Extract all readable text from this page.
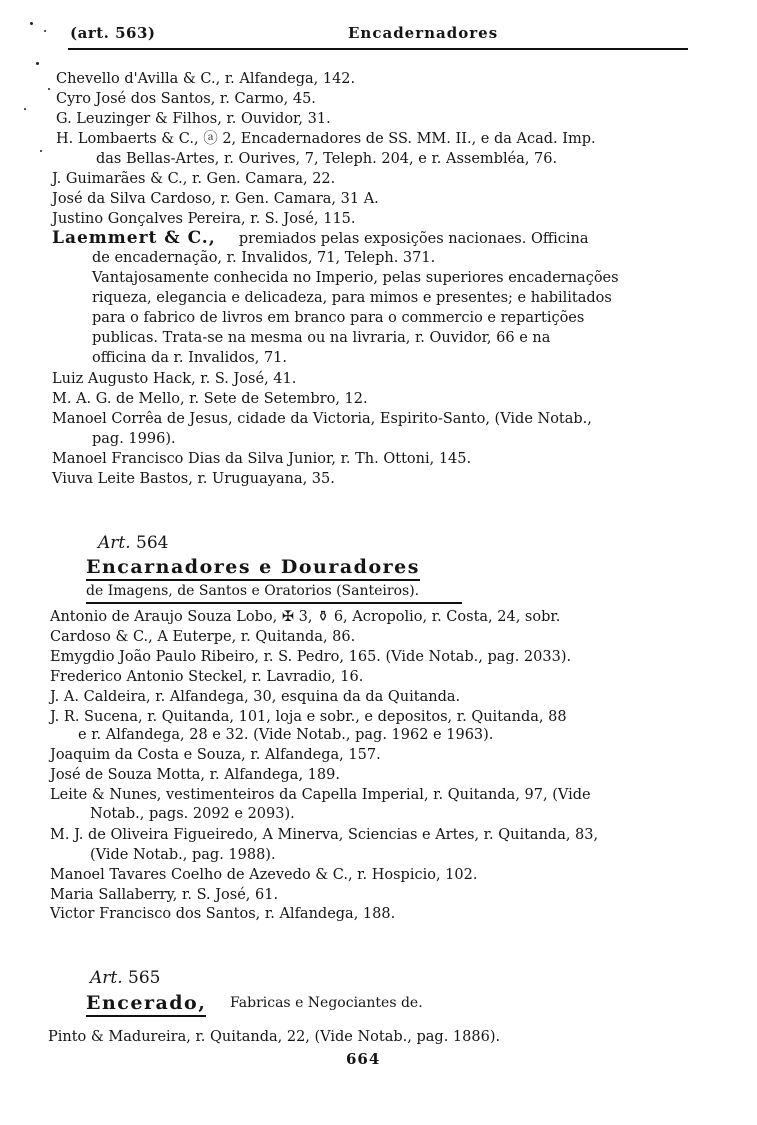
(art. 563)	Encadernadores
Chevello d'Avilla & C., r. Alfandega, 142.
Cyro José dos Santos, r. Carmo, 45.
G. Leuzinger & Filhos, r. Ouvidor, 31.
H. Lombaerts & C., ⓐ 2, Encadernadores de SS. MM. II., e da Acad. Imp.
das Bellas-Artes, r. Ourives, 7, Teleph. 204, e r. Assembléa, 76.
J. Guimarães & C., r. Gen. Camara, 22.
José da Silva Cardoso, r. Gen. Camara, 31 A.
Justino Gonçalves Pereira, r. S. José, 115.
Laemmert & C., premiados pelas exposições nacionaes. Officina
de encadernação, r. Invalidos, 71, Teleph. 371.
Vantajosamente conhecida no Imperio, pelas superiores encadernações
riqueza, elegancia e delicadeza, para mimos e presentes; e habilitados
para o fabrico de livros em branco para o commercio e repartições
publicas. Trata-se na mesma ou na livraria, r. Ouvidor, 66 e na
officina da r. Invalidos, 71.
Luiz Augusto Hack, r. S. José, 41.
M. A. G. de Mello, r. Sete de Setembro, 12.
Manoel Corrêa de Jesus, cidade da Victoria, Espirito-Santo, (Vide Notab.,
pag. 1996).
Manoel Francisco Dias da Silva Junior, r. Th. Ottoni, 145.
Viuva Leite Bastos, r. Uruguayana, 35.
Art. 564
Encarnadores e Douradores
de Imagens, de Santos e Oratorios (Santeiros).
Antonio de Araujo Souza Lobo, ✠ 3, ⚱ 6, Acropolio, r. Costa, 24, sobr.
Cardoso & C., A Euterpe, r. Quitanda, 86.
Emygdio João Paulo Ribeiro, r. S. Pedro, 165. (Vide Notab., pag. 2033).
Frederico Antonio Steckel, r. Lavradio, 16.
J. A. Caldeira, r. Alfandega, 30, esquina da da Quitanda.
J. R. Sucena, r. Quitanda, 101, loja e sobr., e depositos, r. Quitanda, 88
e r. Alfandega, 28 e 32. (Vide Notab., pag. 1962 e 1963).
Joaquim da Costa e Souza, r. Alfandega, 157.
José de Souza Motta, r. Alfandega, 189.
Leite & Nunes, vestimenteiros da Capella Imperial, r. Quitanda, 97, (Vide
Notab., pags. 2092 e 2093).
M. J. de Oliveira Figueiredo, A Minerva, Sciencias e Artes, r. Quitanda, 83,
(Vide Notab., pag. 1988).
Manoel Tavares Coelho de Azevedo & C., r. Hospicio, 102.
Maria Sallaberry, r. S. José, 61.
Victor Francisco dos Santos, r. Alfandega, 188.
Art. 565
Encerado, Fabricas e Negociantes de.
Pinto & Madureira, r. Quitanda, 22, (Vide Notab., pag. 1886).
664
